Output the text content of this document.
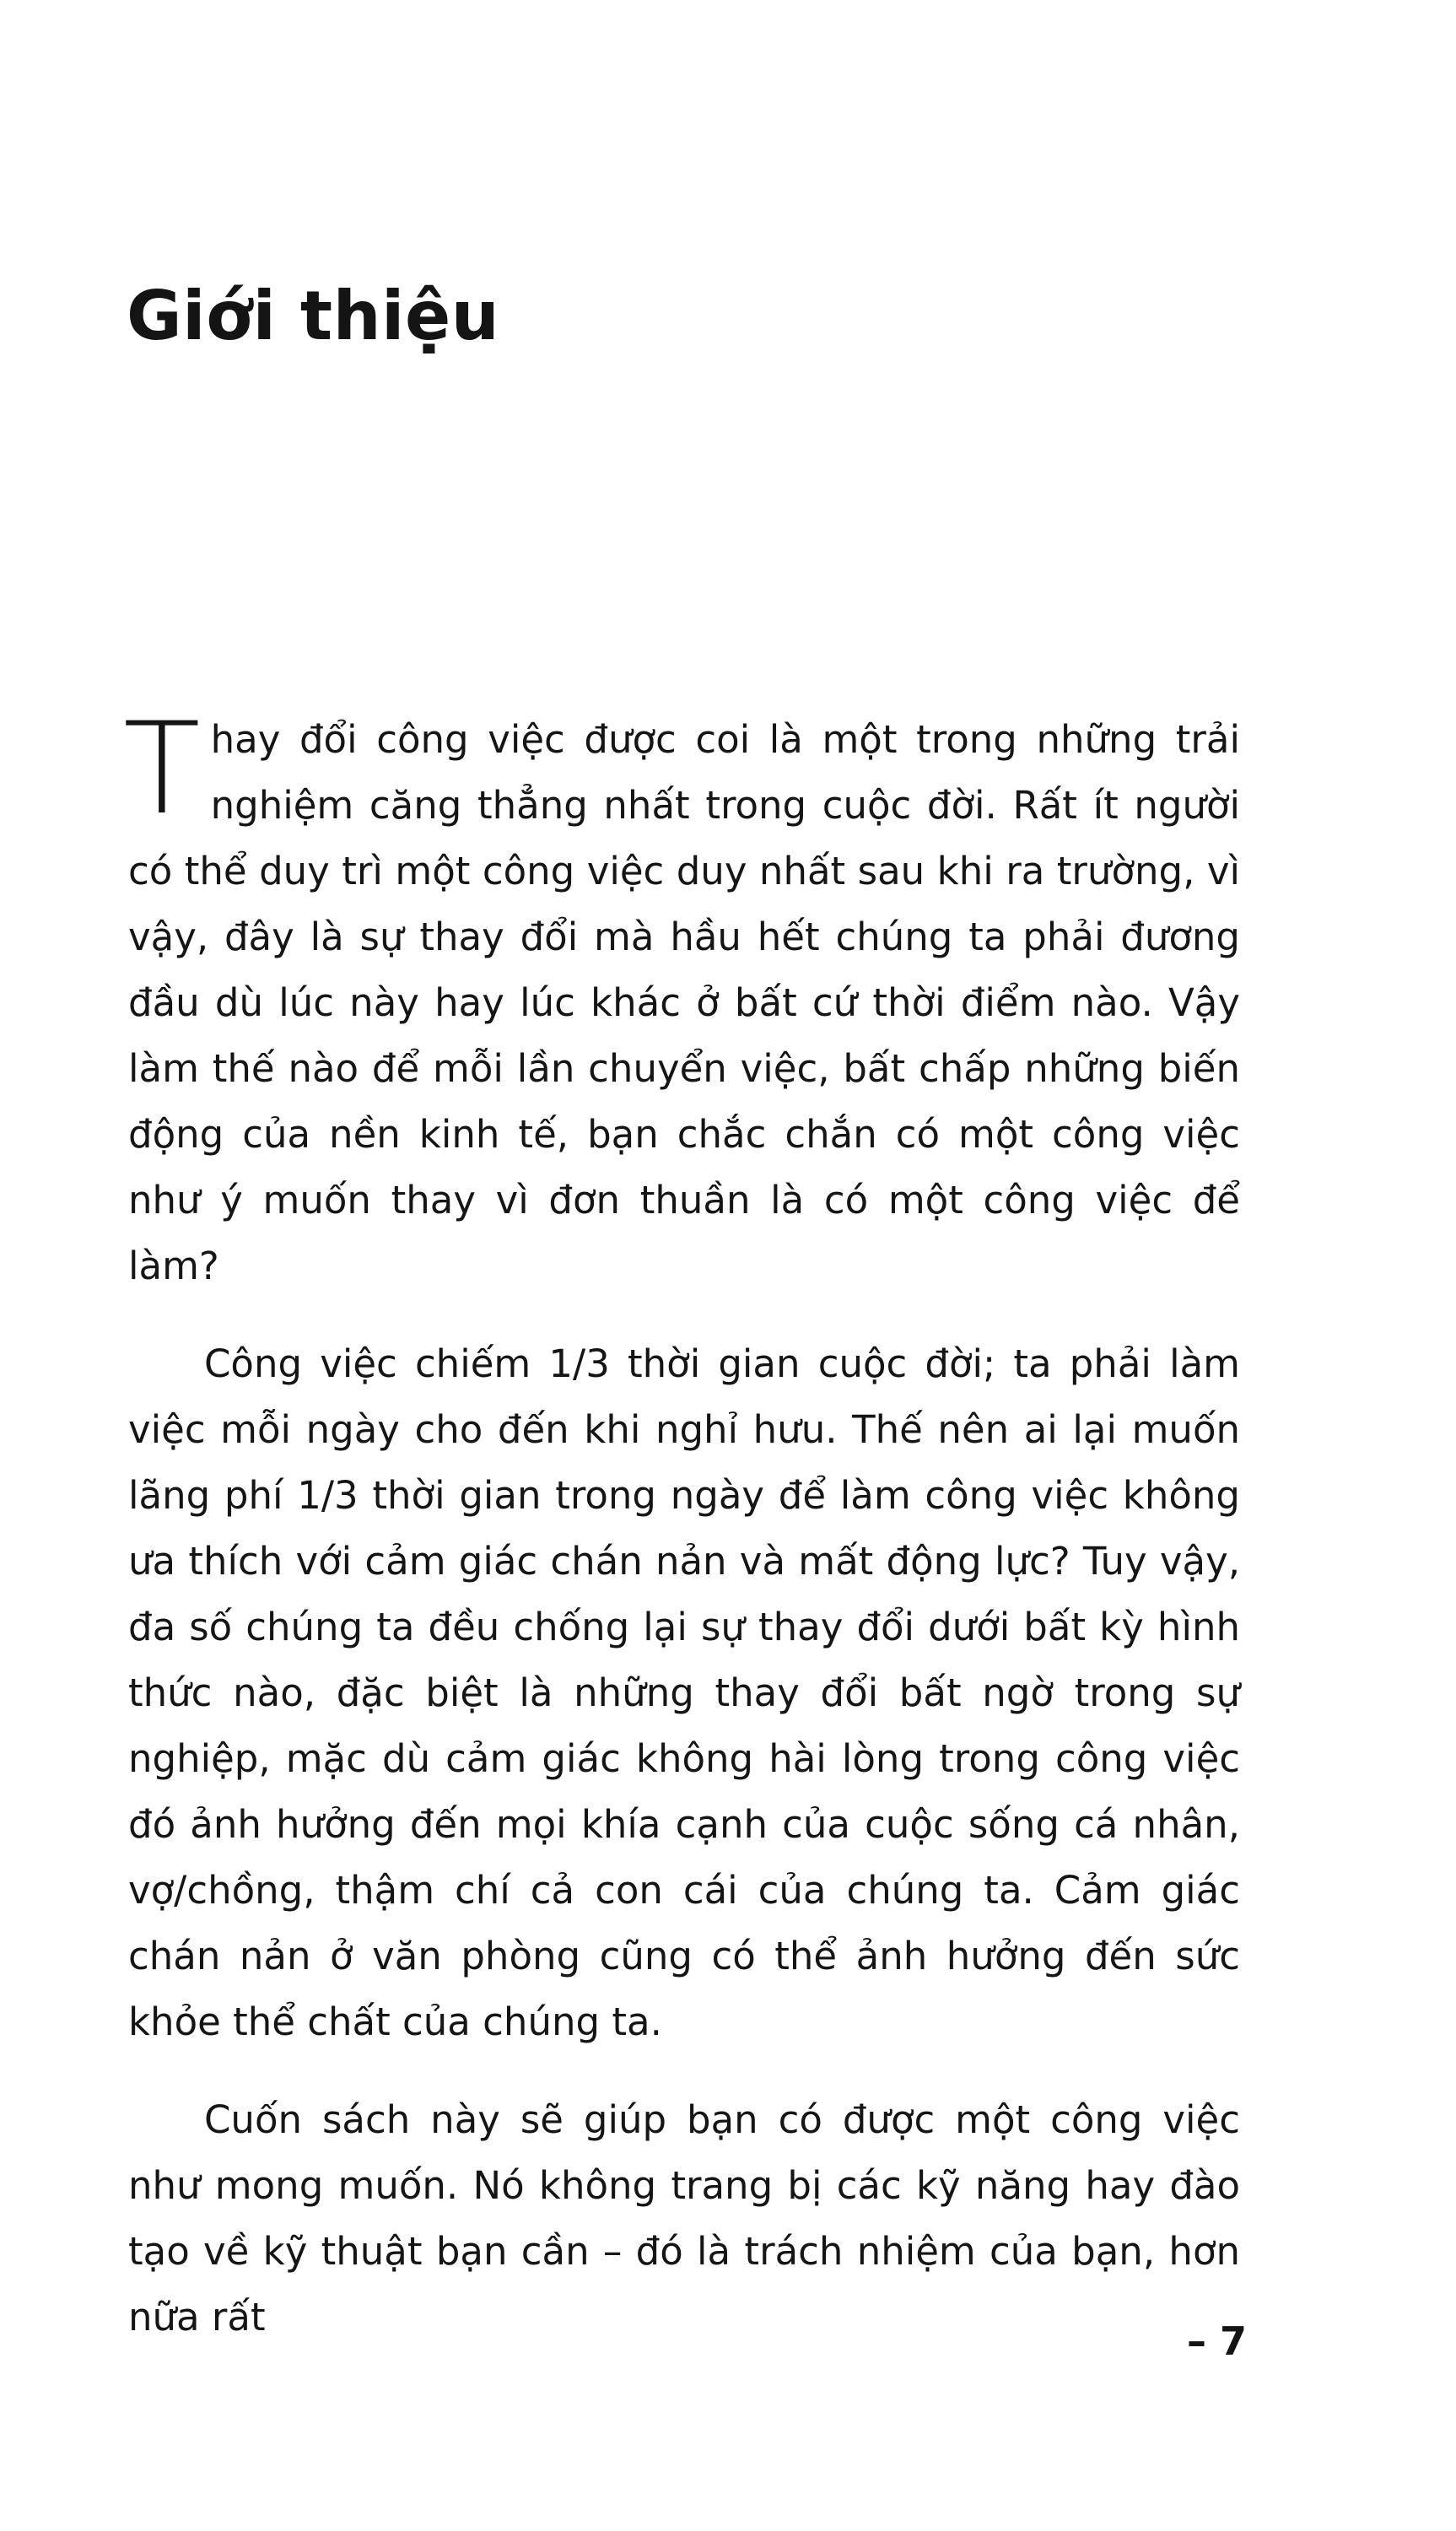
Giới thiệu

Thay đổi công việc được coi là một trong những trải nghiệm căng thẳng nhất trong cuộc đời. Rất ít người có thể duy trì một công việc duy nhất sau khi ra trường, vì vậy, đây là sự thay đổi mà hầu hết chúng ta phải đương đầu dù lúc này hay lúc khác ở bất cứ thời điểm nào. Vậy làm thế nào để mỗi lần chuyển việc, bất chấp những biến động của nền kinh tế, bạn chắc chắn có một công việc như ý muốn thay vì đơn thuần là có một công việc để làm?

Công việc chiếm 1/3 thời gian cuộc đời; ta phải làm việc mỗi ngày cho đến khi nghỉ hưu. Thế nên ai lại muốn lãng phí 1/3 thời gian trong ngày để làm công việc không ưa thích với cảm giác chán nản và mất động lực? Tuy vậy, đa số chúng ta đều chống lại sự thay đổi dưới bất kỳ hình thức nào, đặc biệt là những thay đổi bất ngờ trong sự nghiệp, mặc dù cảm giác không hài lòng trong công việc đó ảnh hưởng đến mọi khía cạnh của cuộc sống cá nhân, vợ/chồng, thậm chí cả con cái của chúng ta. Cảm giác chán nản ở văn phòng cũng có thể ảnh hưởng đến sức khỏe thể chất của chúng ta.

Cuốn sách này sẽ giúp bạn có được một công việc như mong muốn. Nó không trang bị các kỹ năng hay đào tạo về kỹ thuật bạn cần – đó là trách nhiệm của bạn, hơn nữa rất

– 7
